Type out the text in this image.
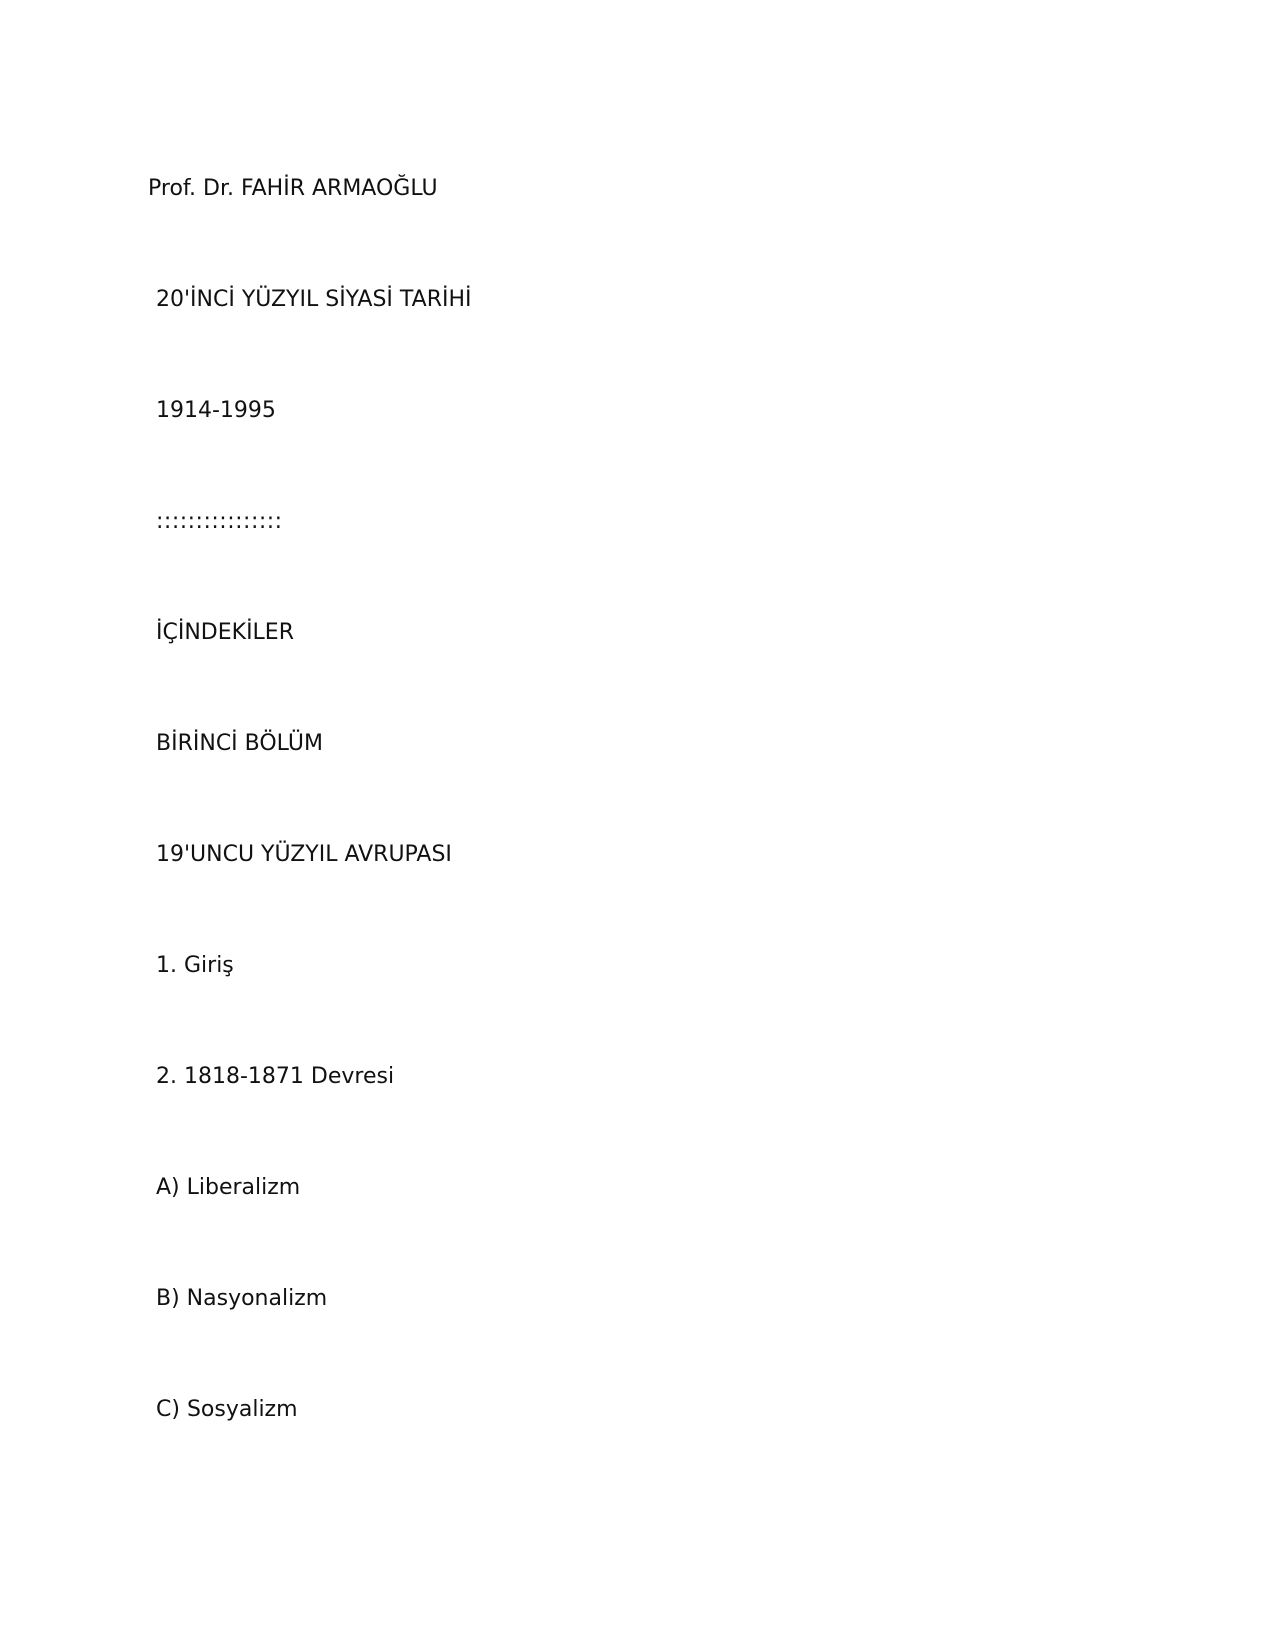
Prof. Dr. FAHİR ARMAOĞLU

20'İNCİ YÜZYIL SİYASİ TARİHİ

1914-1995

::::::::::::::::

İÇİNDEKİLER
BİRİNCİ BÖLÜM
19'UNCU YÜZYIL AVRUPASI

1. Giriş

2. 1818-1871 Devresi

A) Liberalizm

B) Nasyonalizm

C) Sosyalizm
